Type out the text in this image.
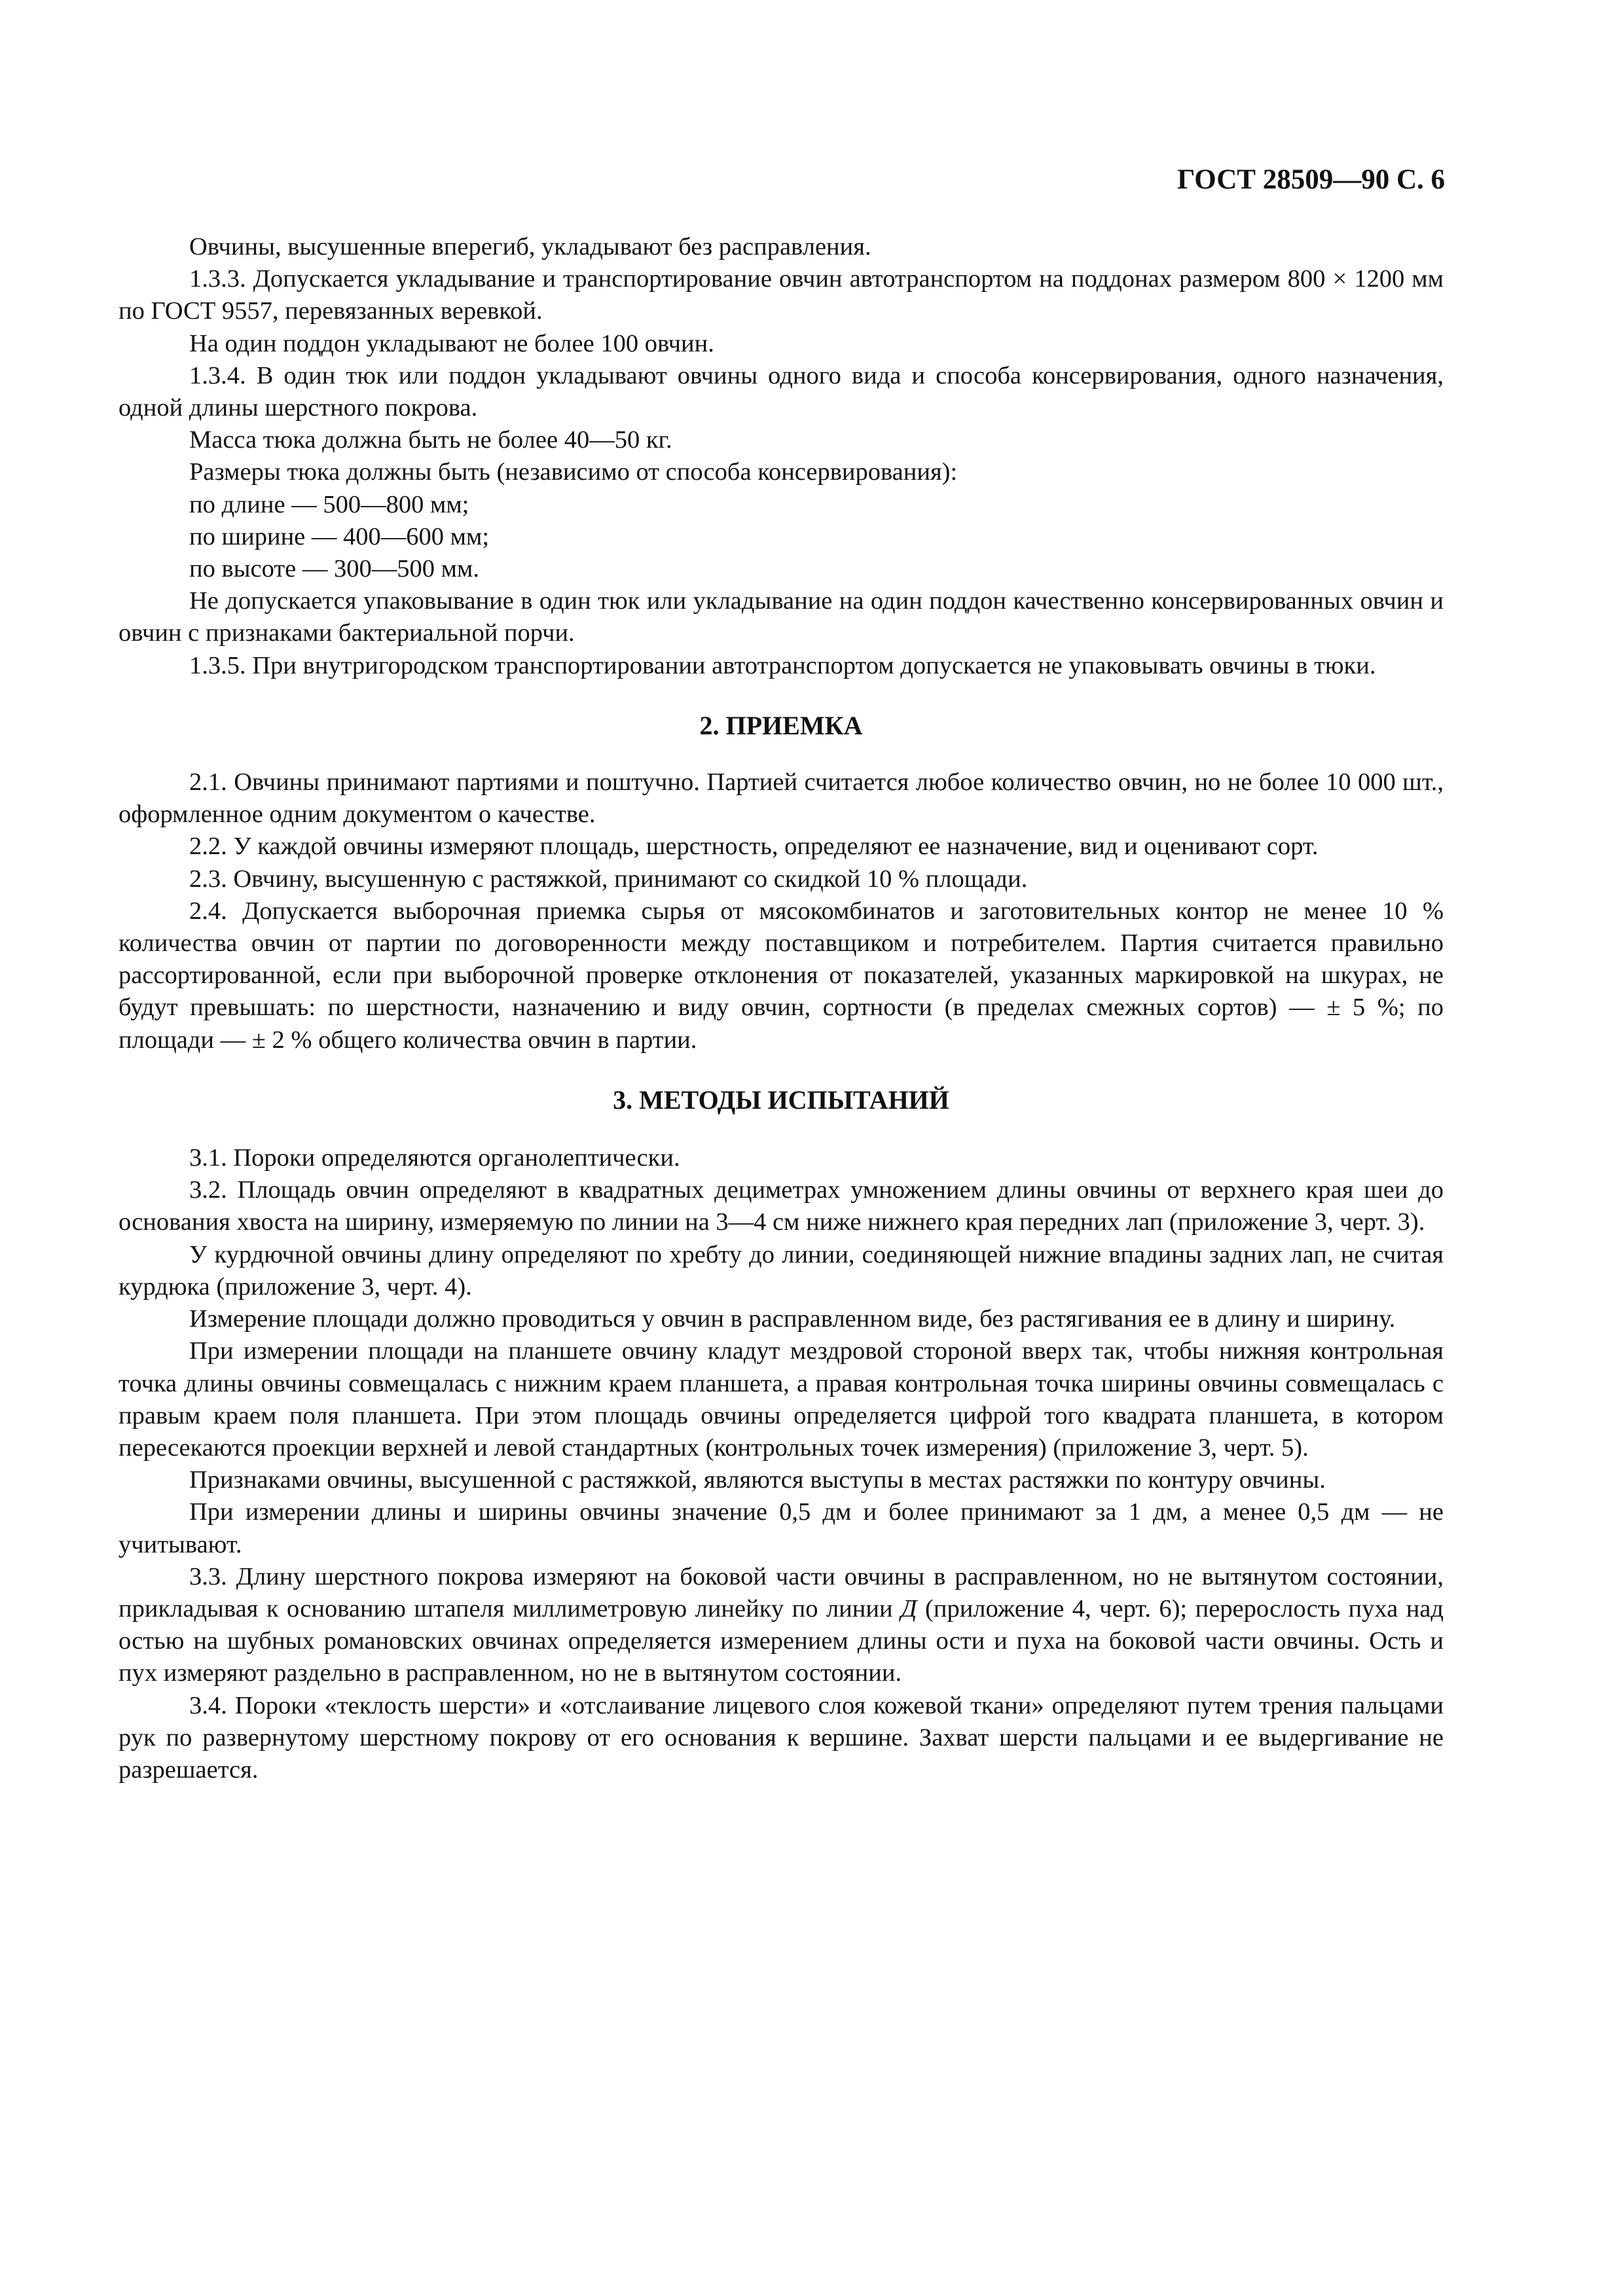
ГОСТ 28509—90 С. 6

Овчины, высушенные вперегиб, укладывают без расправления.

1.3.3. Допускается укладывание и транспортирование овчин автотранспортом на поддонах размером 800 × 1200 мм по ГОСТ 9557, перевязанных веревкой.

На один поддон укладывают не более 100 овчин.

1.3.4. В один тюк или поддон укладывают овчины одного вида и способа консервирования, одного назначения, одной длины шерстного покрова.

Масса тюка должна быть не более 40—50 кг.

Размеры тюка должны быть (независимо от способа консервирования):

по длине — 500—800 мм;

по ширине — 400—600 мм;

по высоте — 300—500 мм.

Не допускается упаковывание в один тюк или укладывание на один поддон качественно консервированных овчин и овчин с признаками бактериальной порчи.

1.3.5. При внутригородском транспортировании автотранспортом допускается не упаковывать овчины в тюки.

2. ПРИЕМКА

2.1. Овчины принимают партиями и поштучно. Партией считается любое количество овчин, но не более 10 000 шт., оформленное одним документом о качестве.

2.2. У каждой овчины измеряют площадь, шерстность, определяют ее назначение, вид и оценивают сорт.

2.3. Овчину, высушенную с растяжкой, принимают со скидкой 10 % площади.

2.4. Допускается выборочная приемка сырья от мясокомбинатов и заготовительных контор не менее 10 % количества овчин от партии по договоренности между поставщиком и потребителем. Партия считается правильно рассортированной, если при выборочной проверке отклонения от показателей, указанных маркировкой на шкурах, не будут превышать: по шерстности, назначению и виду овчин, сортности (в пределах смежных сортов) — ± 5 %; по площади — ± 2 % общего количества овчин в партии.

3. МЕТОДЫ ИСПЫТАНИЙ

3.1. Пороки определяются органолептически.

3.2. Площадь овчин определяют в квадратных дециметрах умножением длины овчины от верхнего края шеи до основания хвоста на ширину, измеряемую по линии на 3—4 см ниже нижнего края передних лап (приложение 3, черт. 3).

У курдючной овчины длину определяют по хребту до линии, соединяющей нижние впадины задних лап, не считая курдюка (приложение 3, черт. 4).

Измерение площади должно проводиться у овчин в расправленном виде, без растягивания ее в длину и ширину.

При измерении площади на планшете овчину кладут мездровой стороной вверх так, чтобы нижняя контрольная точка длины овчины совмещалась с нижним краем планшета, а правая контрольная точка ширины овчины совмещалась с правым краем поля планшета. При этом площадь овчины определяется цифрой того квадрата планшета, в котором пересекаются проекции верхней и левой стандартных (контрольных точек измерения) (приложение 3, черт. 5).

Признаками овчины, высушенной с растяжкой, являются выступы в местах растяжки по контуру овчины.

При измерении длины и ширины овчины значение 0,5 дм и более принимают за 1 дм, а менее 0,5 дм — не учитывают.

3.3. Длину шерстного покрова измеряют на боковой части овчины в расправленном, но не вытянутом состоянии, прикладывая к основанию штапеля миллиметровую линейку по линии Д (приложение 4, черт. 6); перерослость пуха над остью на шубных романовских овчинах определяется измерением длины ости и пуха на боковой части овчины. Ость и пух измеряют раздельно в расправленном, но не в вытянутом состоянии.

3.4. Пороки «теклость шерсти» и «отслаивание лицевого слоя кожевой ткани» определяют путем трения пальцами рук по развернутому шерстному покрову от его основания к вершине. Захват шерсти пальцами и ее выдергивание не разрешается.
